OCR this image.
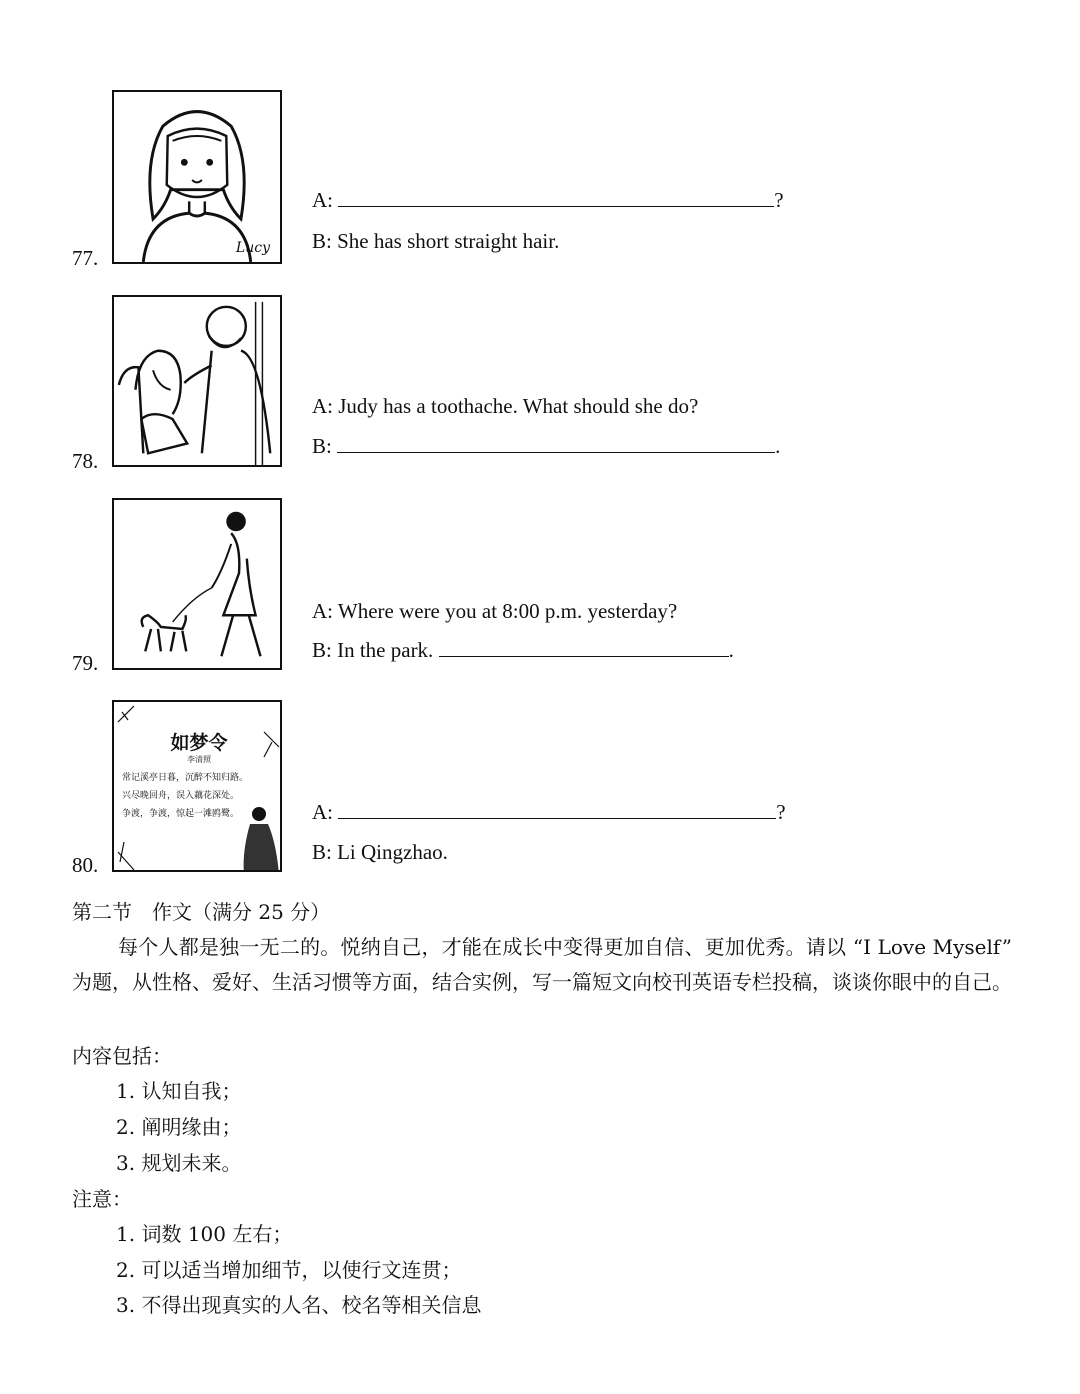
Lucy
77.
A:	?
B: She has short straight hair.
78.
A: Judy has a toothache. What should she do?
B:	.
79.
A: Where were you at 8:00 p.m. yesterday?
B: In the park.	.
如梦令
李清照
常记溪亭日暮，沉醉不知归路。
兴尽晚回舟，误入藕花深处。
争渡，争渡，惊起一滩鸥鹭。
80.
A:	?
B: Li Qingzhao.
第二节　作文（满分 25 分）
每个人都是独一无二的。悦纳自己，才能在成长中变得更加自信、更加优秀。请以 “I Love Myself” 为题，从性格、爱好、生活习惯等方面，结合实例，写一篇短文向校刊英语专栏投稿，谈谈你眼中的自己。
内容包括：
1. 认知自我；
2. 阐明缘由；
3. 规划未来。
注意：
1. 词数 100 左右；
2. 可以适当增加细节，以使行文连贯；
3. 不得出现真实的人名、校名等相关信息
